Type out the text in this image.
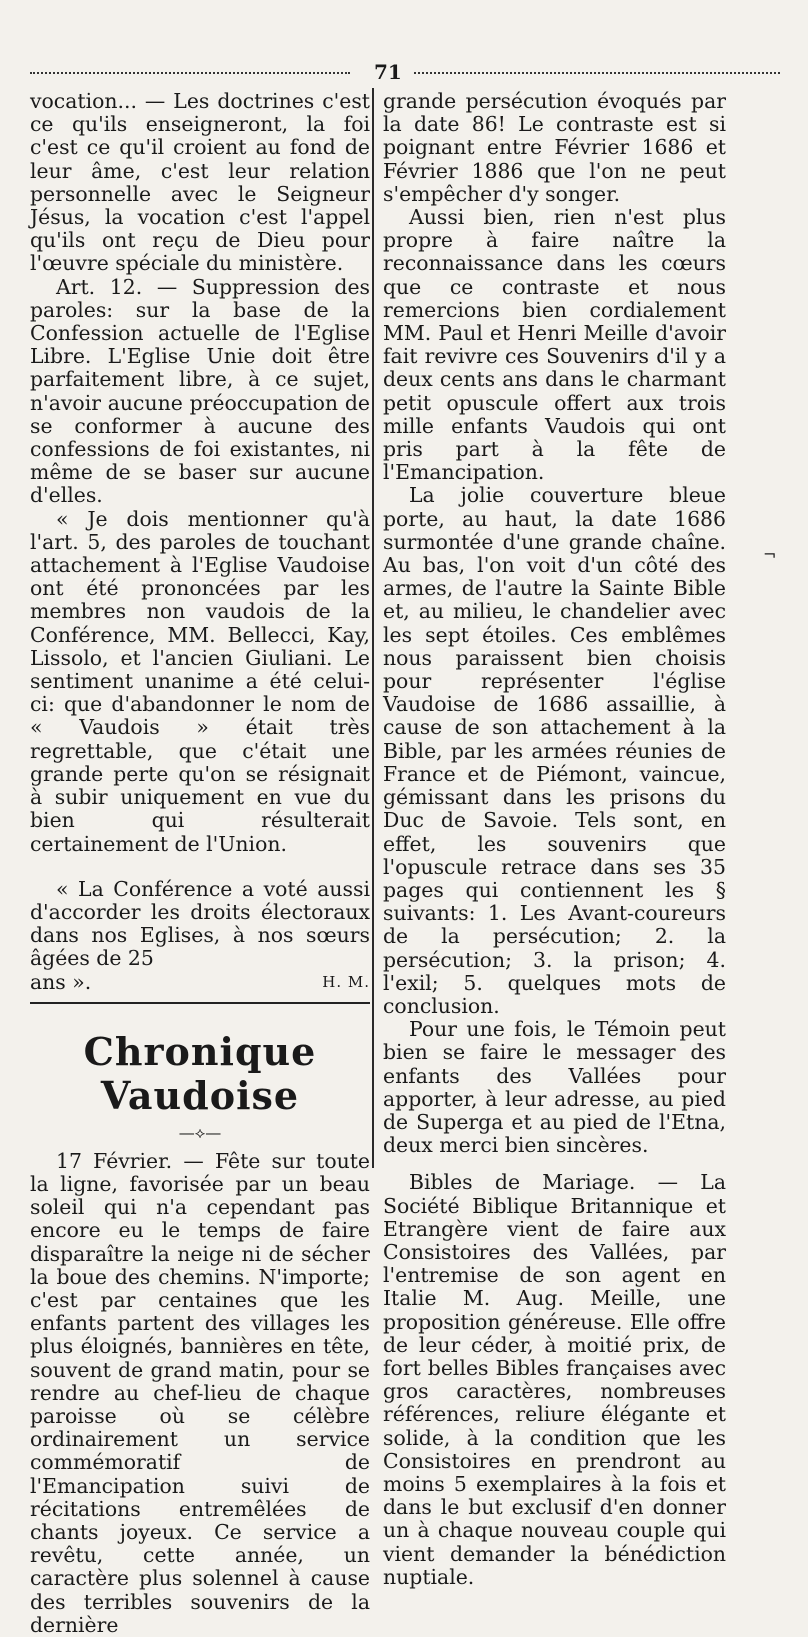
71

vocation... — Les doctrines c'est ce qu'ils enseigneront, la foi c'est ce qu'il croient au fond de leur âme, c'est leur relation personnelle avec le Seigneur Jésus, la vocation c'est l'appel qu'ils ont reçu de Dieu pour l'œuvre spéciale du ministère.

Art. 12. — Suppression des paroles: sur la base de la Confession actuelle de l'Eglise Libre. L'Eglise Unie doit être parfaitement libre, à ce sujet, n'avoir aucune préoccupation de se conformer à aucune des confessions de foi existantes, ni même de se baser sur aucune d'elles.

« Je dois mentionner qu'à l'art. 5, des paroles de touchant attachement à l'Eglise Vaudoise ont été prononcées par les membres non vaudois de la Conférence, MM. Bellecci, Kay, Lissolo, et l'ancien Giuliani. Le sentiment unanime a été celui-ci: que d'abandonner le nom de « Vaudois » était très regrettable, que c'était une grande perte qu'on se résignait à subir uniquement en vue du bien qui résulterait certainement de l'Union.

« La Conférence a voté aussi d'accorder les droits électoraux dans nos Eglises, à nos sœurs âgées de 25

ans ».	H. M.
Chronique Vaudoise
—⟡—

17 Février. — Fête sur toute la ligne, favorisée par un beau soleil qui n'a cependant pas encore eu le temps de faire disparaître la neige ni de sécher la boue des chemins. N'importe; c'est par centaines que les enfants partent des villages les plus éloignés, bannières en tête, souvent de grand matin, pour se rendre au chef-lieu de chaque paroisse où se célèbre ordinairement un service commémoratif de l'Emancipation suivi de récitations entremêlées de chants joyeux. Ce service a revêtu, cette année, un caractère plus solennel à cause des terribles souvenirs de la dernière

grande persécution évoqués par la date 86! Le contraste est si poignant entre Février 1686 et Février 1886 que l'on ne peut s'empêcher d'y songer.

Aussi bien, rien n'est plus propre à faire naître la reconnaissance dans les cœurs que ce contraste et nous remercions bien cordialement MM. Paul et Henri Meille d'avoir fait revivre ces Souvenirs d'il y a deux cents ans dans le charmant petit opuscule offert aux trois mille enfants Vaudois qui ont pris part à la fête de l'Emancipation.

La jolie couverture bleue porte, au haut, la date 1686 surmontée d'une grande chaîne. Au bas, l'on voit d'un côté des armes, de l'autre la Sainte Bible et, au milieu, le chandelier avec les sept étoiles. Ces emblêmes nous paraissent bien choisis pour représenter l'église Vaudoise de 1686 assaillie, à cause de son attachement à la Bible, par les armées réunies de France et de Piémont, vaincue, gémissant dans les prisons du Duc de Savoie. Tels sont, en effet, les souvenirs que l'opuscule retrace dans ses 35 pages qui contiennent les § suivants: 1. Les Avant-coureurs de la persécution; 2. la persécution; 3. la prison; 4. l'exil; 5. quelques mots de conclusion.

Pour une fois, le Témoin peut bien se faire le messager des enfants des Vallées pour apporter, à leur adresse, au pied de Superga et au pied de l'Etna, deux merci bien sincères.

Bibles de Mariage. — La Société Biblique Britannique et Etrangère vient de faire aux Consistoires des Vallées, par l'entremise de son agent en Italie M. Aug. Meille, une proposition généreuse. Elle offre de leur céder, à moitié prix, de fort belles Bibles françaises avec gros caractères, nombreuses références, reliure élégante et solide, à la condition que les Consistoires en prendront au moins 5 exemplaires à la fois et dans le but exclusif d'en donner un à chaque nouveau couple qui vient demander la bénédiction nuptiale.

¬
